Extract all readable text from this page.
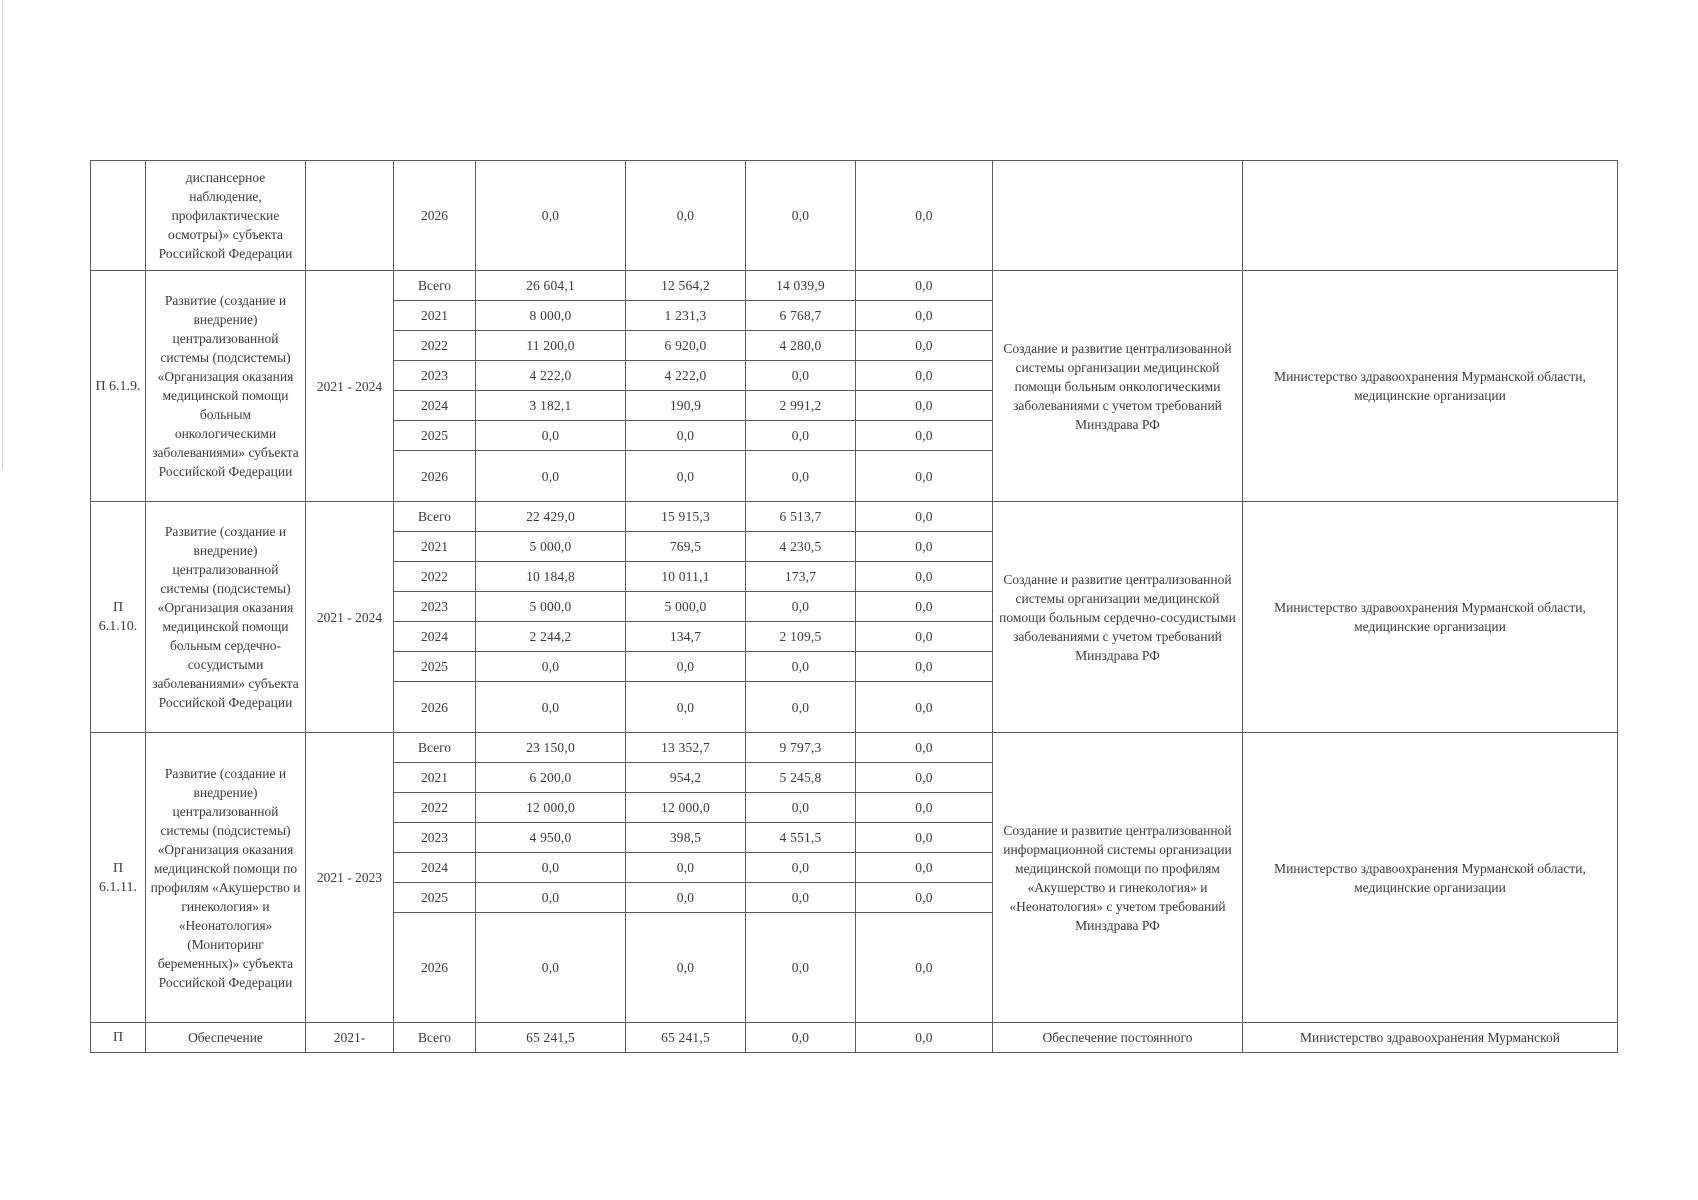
	диспансерное наблюдение, профилактические осмотры)» субъекта Российской Федерации		2026	0,0	0,0	0,0	0,0		
П 6.1.9.	Развитие (создание и внедрение) централизованной системы (подсистемы) «Организация оказания медицинской помощи больным онкологическими заболеваниями» субъекта Российской Федерации	2021 - 2024	Всего	26 604,1	12 564,2	14 039,9	0,0	Создание и развитие централизованной системы организации медицинской помощи больным онкологическими заболеваниями с учетом требований Минздрава РФ	Министерство здравоохранения Мурманской области, медицинские организации
			2021	8 000,0	1 231,3	6 768,7	0,0		
			2022	11 200,0	6 920,0	4 280,0	0,0		
			2023	4 222,0	4 222,0	0,0	0,0		
			2024	3 182,1	190,9	2 991,2	0,0		
			2025	0,0	0,0	0,0	0,0		
			2026	0,0	0,0	0,0	0,0		
П 6.1.10.	Развитие (создание и внедрение) централизованной системы (подсистемы) «Организация оказания медицинской помощи больным сердечно-сосудистыми заболеваниями» субъекта Российской Федерации	2021 - 2024	Всего	22 429,0	15 915,3	6 513,7	0,0	Создание и развитие централизованной системы организации медицинской помощи больным сердечно-сосудистыми заболеваниями с учетом требований Минздрава РФ	Министерство здравоохранения Мурманской области, медицинские организации
			2021	5 000,0	769,5	4 230,5	0,0		
			2022	10 184,8	10 011,1	173,7	0,0		
			2023	5 000,0	5 000,0	0,0	0,0		
			2024	2 244,2	134,7	2 109,5	0,0		
			2025	0,0	0,0	0,0	0,0		
			2026	0,0	0,0	0,0	0,0		
П 6.1.11.	Развитие (создание и внедрение) централизованной системы (подсистемы) «Организация оказания медицинской помощи по профилям «Акушерство и гинекология» и «Неонатология» (Мониторинг беременных)» субъекта Российской Федерации	2021 - 2023	Всего	23 150,0	13 352,7	9 797,3	0,0	Создание и развитие централизованной информационной системы организации медицинской помощи по профилям «Акушерство и гинекология» и «Неонатология» с учетом требований Минздрава РФ	Министерство здравоохранения Мурманской области, медицинские организации
			2021	6 200,0	954,2	5 245,8	0,0		
			2022	12 000,0	12 000,0	0,0	0,0		
			2023	4 950,0	398,5	4 551,5	0,0		
			2024	0,0	0,0	0,0	0,0		
			2025	0,0	0,0	0,0	0,0		
			2026	0,0	0,0	0,0	0,0		
П	Обеспечение	2021-	Всего	65 241,5	65 241,5	0,0	0,0	Обеспечение постоянного	Министерство здравоохранения Мурманской
